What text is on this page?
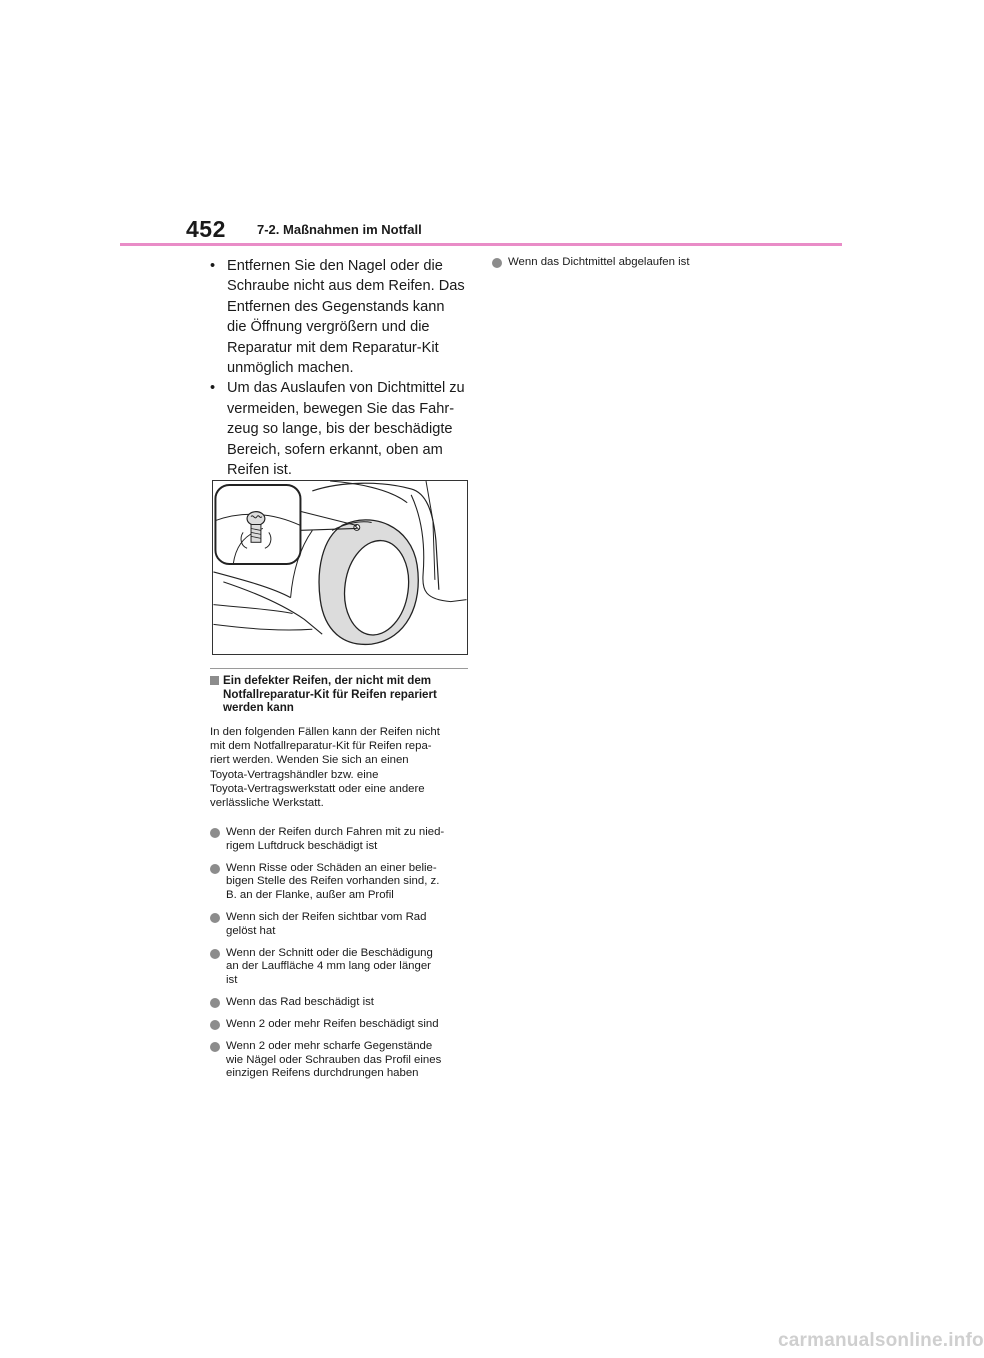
452 7-2. Maßnahmen im Notfall
• Entfernen Sie den Nagel oder die
Schraube nicht aus dem Reifen. Das
Entfernen des Gegenstands kann
die Öffnung vergrößern und die
Reparatur mit dem Reparatur-Kit
unmöglich machen.
• Um das Auslaufen von Dichtmittel zu
vermeiden, bewegen Sie das Fahr-
zeug so lange, bis der beschädigte
Bereich, sofern erkannt, oben am
Reifen ist.
Ein defekter Reifen, der nicht mit dem
Notfallreparatur-Kit für Reifen repariert
werden kann
In den folgenden Fällen kann der Reifen nicht
mit dem Notfallreparatur-Kit für Reifen repa-
riert werden. Wenden Sie sich an einen
Toyota-Vertragshändler bzw. eine
Toyota-Vertragswerkstatt oder eine andere
verlässliche Werkstatt.
Wenn der Reifen durch Fahren mit zu nied-
rigem Luftdruck beschädigt ist
Wenn Risse oder Schäden an einer belie-
bigen Stelle des Reifen vorhanden sind, z.
B. an der Flanke, außer am Profil
Wenn sich der Reifen sichtbar vom Rad
gelöst hat
Wenn der Schnitt oder die Beschädigung
an der Lauffläche 4 mm lang oder länger
ist
Wenn das Rad beschädigt ist
Wenn 2 oder mehr Reifen beschädigt sind
Wenn 2 oder mehr scharfe Gegenstände
wie Nägel oder Schrauben das Profil eines
einzigen Reifens durchdrungen haben
Wenn das Dichtmittel abgelaufen ist
carmanualsonline.info
